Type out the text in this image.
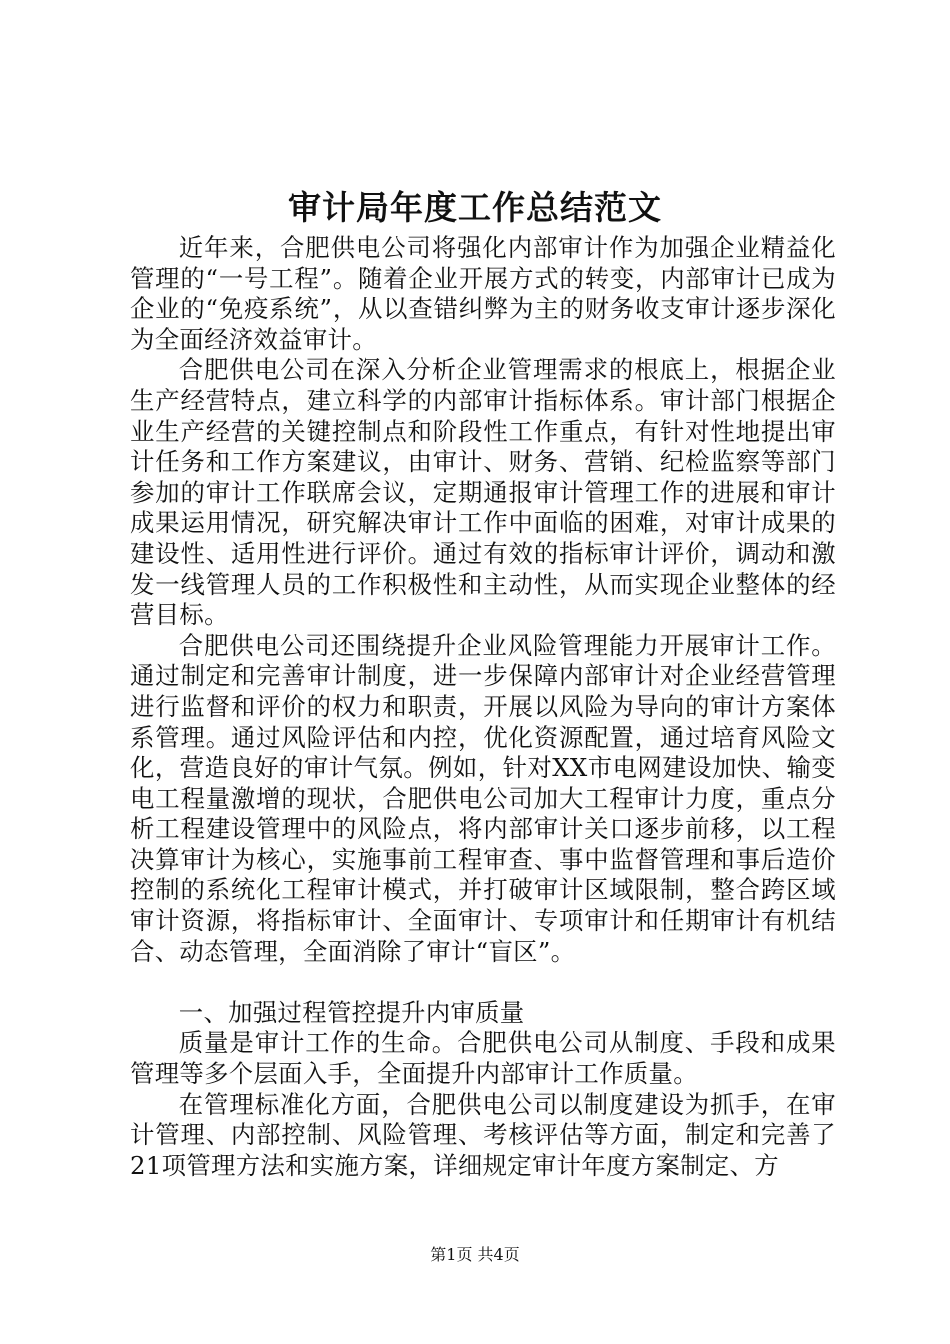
审计局年度工作总结范文

近年来，合肥供电公司将强化内部审计作为加强企业精益化管理的“一号工程”。随着企业开展方式的转变，内部审计已成为企业的“免疫系统”，从以查错纠弊为主的财务收支审计逐步深化为全面经济效益审计。

合肥供电公司在深入分析企业管理需求的根底上，根据企业生产经营特点，建立科学的内部审计指标体系。审计部门根据企业生产经营的关键控制点和阶段性工作重点，有针对性地提出审计任务和工作方案建议，由审计、财务、营销、纪检监察等部门参加的审计工作联席会议，定期通报审计管理工作的进展和审计成果运用情况，研究解决审计工作中面临的困难，对审计成果的建设性、适用性进行评价。通过有效的指标审计评价，调动和激发一线管理人员的工作积极性和主动性，从而实现企业整体的经营目标。

合肥供电公司还围绕提升企业风险管理能力开展审计工作。通过制定和完善审计制度，进一步保障内部审计对企业经营管理进行监督和评价的权力和职责，开展以风险为导向的审计方案体系管理。通过风险评估和内控，优化资源配置，通过培育风险文化，营造良好的审计气氛。例如，针对XX市电网建设加快、输变电工程量激增的现状，合肥供电公司加大工程审计力度，重点分析工程建设管理中的风险点，将内部审计关口逐步前移，以工程决算审计为核心，实施事前工程审查、事中监督管理和事后造价控制的系统化工程审计模式，并打破审计区域限制，整合跨区域审计资源，将指标审计、全面审计、专项审计和任期审计有机结合、动态管理，全面消除了审计“盲区”。

一、加强过程管控提升内审质量

质量是审计工作的生命。合肥供电公司从制度、手段和成果管理等多个层面入手，全面提升内部审计工作质量。

在管理标准化方面，合肥供电公司以制度建设为抓手，在审计管理、内部控制、风险管理、考核评估等方面，制定和完善了21项管理方法和实施方案，详细规定审计年度方案制定、方

第1页 共4页
